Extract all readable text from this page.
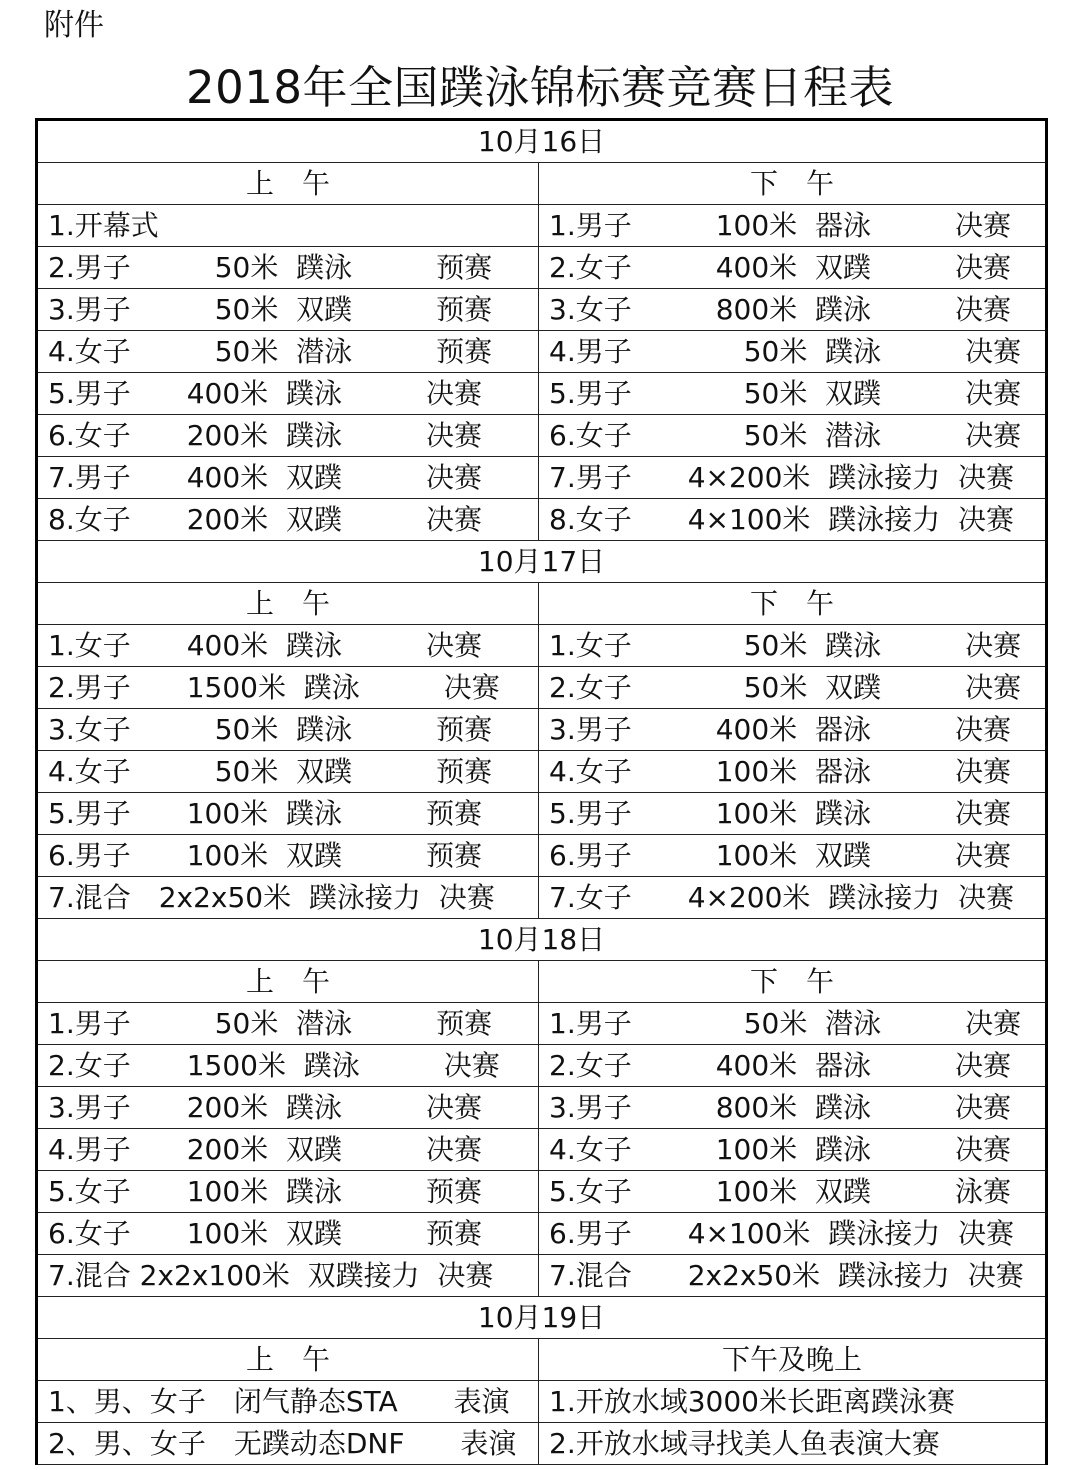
附件
2018年全国蹼泳锦标赛竞赛日程表
10月16日	
上　午	下　午
1.开幕式	1.男子　　　100米  器泳　　　决赛
2.男子　　　50米  蹼泳　　　预赛	2.女子　　　400米  双蹼　　　决赛
3.男子　　　50米  双蹼　　　预赛	3.女子　　　800米  蹼泳　　　决赛
4.女子　　　50米  潜泳　　　预赛	4.男子　　　　50米  蹼泳　　　决赛
5.男子　　400米  蹼泳　　　决赛	5.男子　　　　50米  双蹼　　　决赛
6.女子　　200米  蹼泳　　　决赛	6.女子　　　　50米  潜泳　　　决赛
7.男子　　400米  双蹼　　　决赛	7.男子　　4×200米  蹼泳接力  决赛
8.女子　　200米  双蹼　　　决赛	8.女子　　4×100米  蹼泳接力  决赛
10月17日	
上　午	下　午
1.女子　　400米  蹼泳　　　决赛	1.女子　　　　50米  蹼泳　　　决赛
2.男子　　1500米  蹼泳　　　决赛	2.女子　　　　50米  双蹼　　　决赛
3.女子　　　50米  蹼泳　　　预赛	3.男子　　　400米  器泳　　　决赛
4.女子　　　50米  双蹼　　　预赛	4.女子　　　100米  器泳　　　决赛
5.男子　　100米  蹼泳　　　预赛	5.男子　　　100米  蹼泳　　　决赛
6.男子　　100米  双蹼　　　预赛	6.男子　　　100米  双蹼　　　决赛
7.混合　2x2x50米  蹼泳接力  决赛	7.女子　　4×200米  蹼泳接力  决赛
10月18日	
上　午	下　午
1.男子　　　50米  潜泳　　　预赛	1.男子　　　　50米  潜泳　　　决赛
2.女子　　1500米  蹼泳　　　决赛	2.女子　　　400米  器泳　　　决赛
3.男子　　200米  蹼泳　　　决赛	3.男子　　　800米  蹼泳　　　决赛
4.男子　　200米  双蹼　　　决赛	4.女子　　　100米  蹼泳　　　决赛
5.女子　　100米  蹼泳　　　预赛	5.女子　　　100米  双蹼　　　泳赛
6.女子　　100米  双蹼　　　预赛	6.男子　　4×100米  蹼泳接力  决赛
7.混合 2x2x100米  双蹼接力  决赛	7.混合　　2x2x50米  蹼泳接力  决赛
10月19日	
上　午	下午及晚上
1、男、女子　闭气静态STA　　表演	1.开放水域3000米长距离蹼泳赛
2、男、女子　无蹼动态DNF　　表演	2.开放水域寻找美人鱼表演大赛
